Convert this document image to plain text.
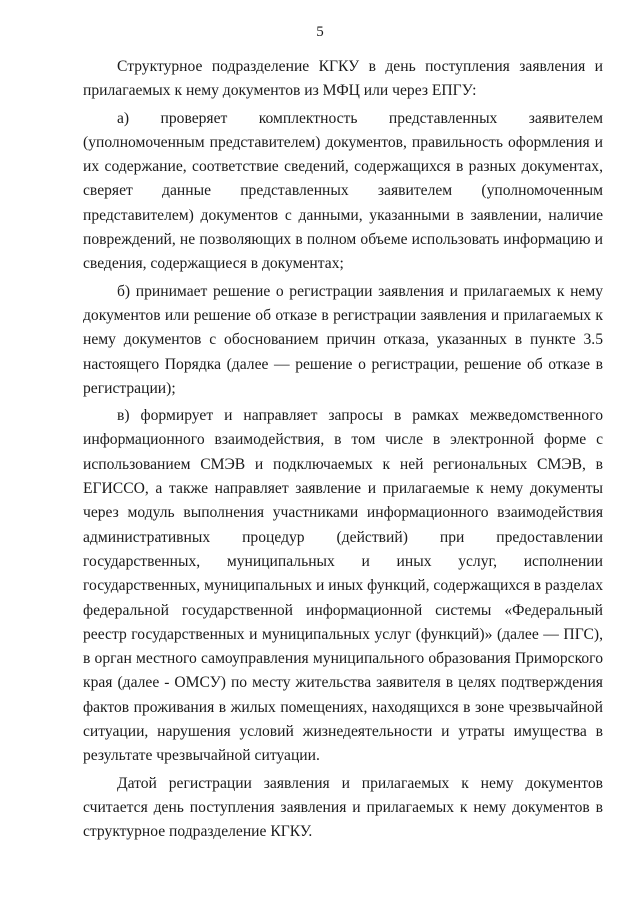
5

Структурное подразделение КГКУ в день поступления заявления и прилагаемых к нему документов из МФЦ или через ЕПГУ:

а) проверяет комплектность представленных заявителем (уполномоченным представителем) документов, правильность оформления и их содержание, соответствие сведений, содержащихся в разных документах, сверяет данные представленных заявителем (уполномоченным представителем) документов с данными, указанными в заявлении, наличие повреждений, не позволяющих в полном объеме использовать информацию и сведения, содержащиеся в документах;

б) принимает решение о регистрации заявления и прилагаемых к нему документов или решение об отказе в регистрации заявления и прилагаемых к нему документов с обоснованием причин отказа, указанных в пункте 3.5 настоящего Порядка (далее — решение о регистрации, решение об отказе в регистрации);

в) формирует и направляет запросы в рамках межведомственного информационного взаимодействия, в том числе в электронной форме с использованием СМЭВ и подключаемых к ней региональных СМЭВ, в ЕГИССО, а также направляет заявление и прилагаемые к нему документы через модуль выполнения участниками информационного взаимодействия административных процедур (действий) при предоставлении государственных, муниципальных и иных услуг, исполнении государственных, муниципальных и иных функций, содержащихся в разделах федеральной государственной информационной системы «Федеральный реестр государственных и муниципальных услуг (функций)» (далее — ПГС), в орган местного самоуправления муниципального образования Приморского края (далее - ОМСУ) по месту жительства заявителя в целях подтверждения фактов проживания в жилых помещениях, находящихся в зоне чрезвычайной ситуации, нарушения условий жизнедеятельности и утраты имущества в результате чрезвычайной ситуации.

Датой регистрации заявления и прилагаемых к нему документов считается день поступления заявления и прилагаемых к нему документов в структурное подразделение КГКУ.
